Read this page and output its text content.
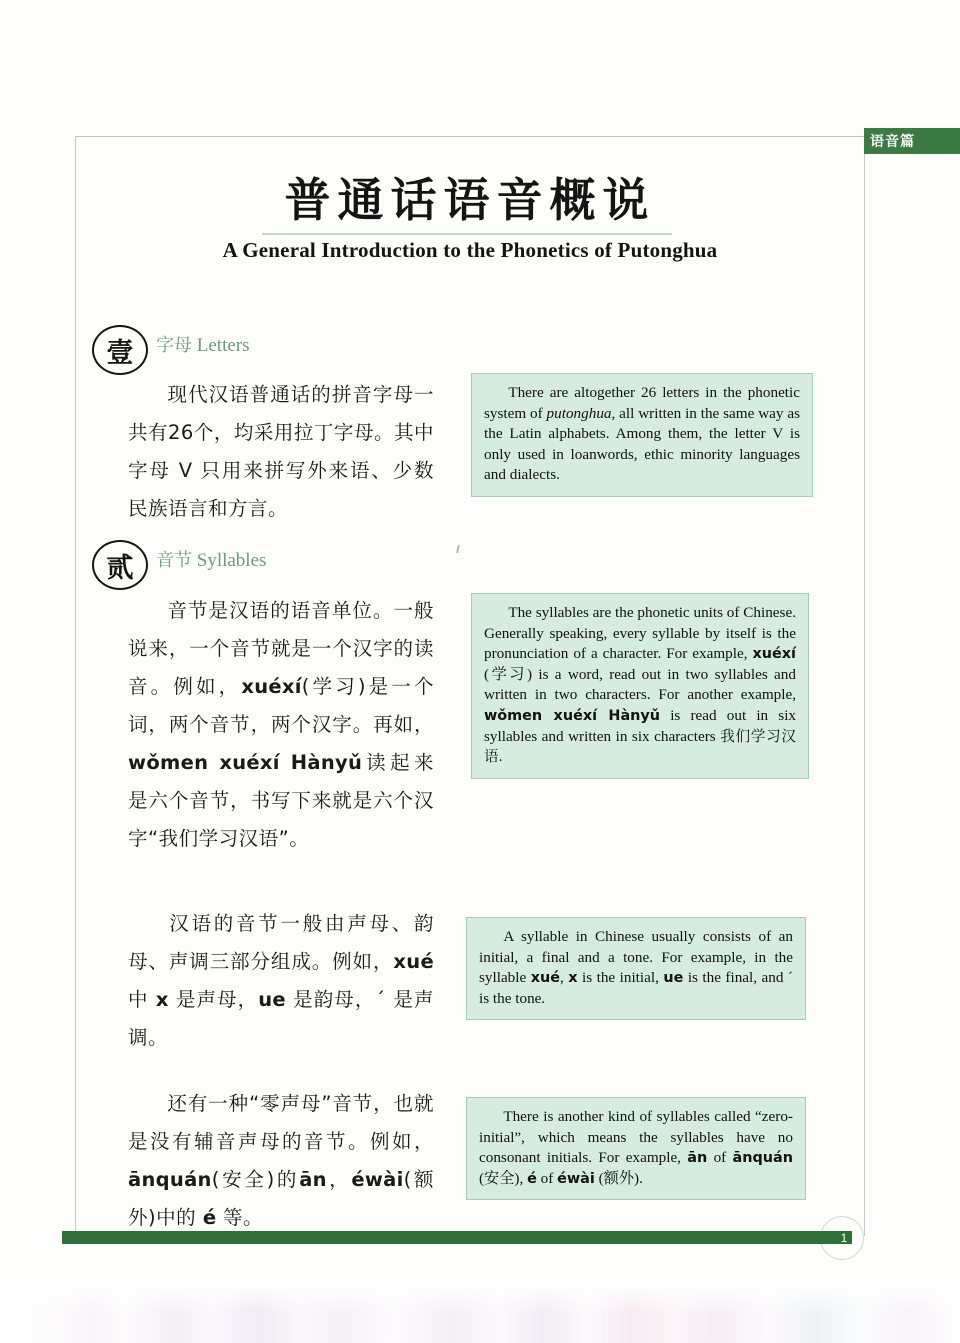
语音篇
普通话语音概说
A General Introduction to the Phonetics of Putonghua
壹	字母 Letters
现代汉语普通话的拼音字母一共有26个，均采用拉丁字母。其中字母 V 只用来拼写外来语、少数民族语言和方言。
There are altogether 26 letters in the phonetic system of putonghua, all written in the same way as the Latin alphabets. Among them, the letter V is only used in loanwords, ethic minority languages and dialects.
贰	音节 Syllables
音节是汉语的语音单位。一般说来，一个音节就是一个汉字的读音。例如，xuéxí(学习)是一个词，两个音节，两个汉字。再如，wǒmen xuéxí Hànyǔ读起来是六个音节，书写下来就是六个汉字“我们学习汉语”。
The syllables are the phonetic units of Chinese. Generally speaking, every syllable by itself is the pronunciation of a character. For example, xuéxí (学习) is a word, read out in two syllables and written in two characters. For another example, wǒmen xuéxí Hànyǔ is read out in six syllables and written in six characters 我们学习汉语.
汉语的音节一般由声母、韵母、声调三部分组成。例如，xué中 x 是声母，ue 是韵母，ˊ 是声调。
A syllable in Chinese usually consists of an initial, a final and a tone. For example, in the syllable xué, x is the initial, ue is the final, and ˊ is the tone.
还有一种“零声母”音节，也就是没有辅音声母的音节。例如，ānquán(安全)的ān，éwài(额外)中的 é 等。
There is another kind of syllables called “zero-initial”, which means the syllables have no consonant initials. For example, ān of ānquán (安全), é of éwài (额外).
1
